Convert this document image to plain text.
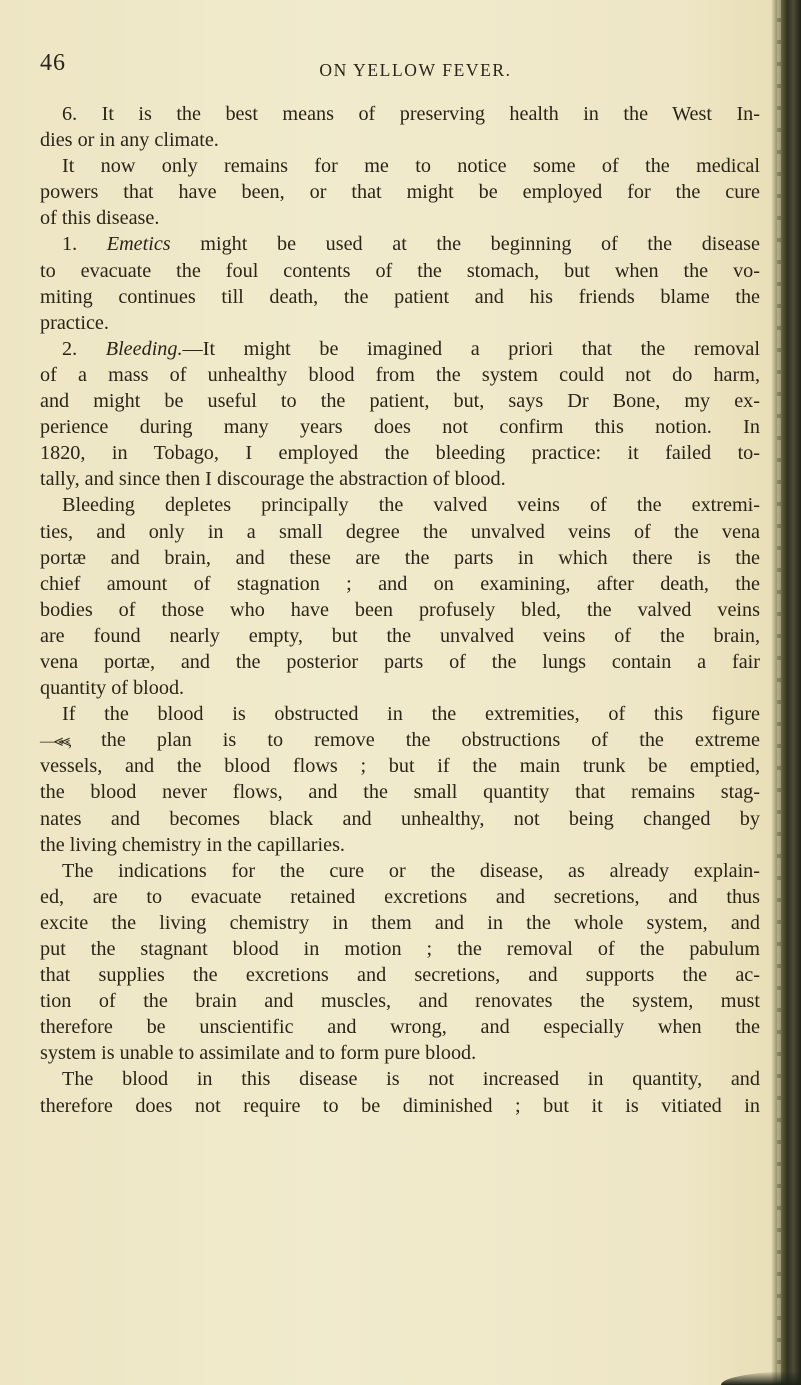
46	ON YELLOW FEVER.
6. It is the best means of preserving health in the West In-
dies or in any climate.
It now only remains for me to notice some of the medical
powers that have been, or that might be employed for the cure
of this disease.
1. Emetics might be used at the beginning of the disease
to evacuate the foul contents of the stomach, but when the vo-
miting continues till death, the patient and his friends blame the
practice.
2. Bleeding.—It might be imagined a priori that the removal
of a mass of unhealthy blood from the system could not do harm,
and might be useful to the patient, but, says Dr Bone, my ex-
perience during many years does not confirm this notion. In
1820, in Tobago, I employed the bleeding practice: it failed to-
tally, and since then I discourage the abstraction of blood.
Bleeding depletes principally the valved veins of the extremi-
ties, and only in a small degree the unvalved veins of the vena
portæ and brain, and these are the parts in which there is the
chief amount of stagnation ; and on examining, after death, the
bodies of those who have been profusely bled, the valved veins
are found nearly empty, but the unvalved veins of the brain,
vena portæ, and the posterior parts of the lungs contain a fair
quantity of blood.
If the blood is obstructed in the extremities, of this figure
—⪡⪡, the plan is to remove the obstructions of the extreme
vessels, and the blood flows ; but if the main trunk be emptied,
the blood never flows, and the small quantity that remains stag-
nates and becomes black and unhealthy, not being changed by
the living chemistry in the capillaries.
The indications for the cure or the disease, as already explain-
ed, are to evacuate retained excretions and secretions, and thus
excite the living chemistry in them and in the whole system, and
put the stagnant blood in motion ; the removal of the pabulum
that supplies the excretions and secretions, and supports the ac-
tion of the brain and muscles, and renovates the system, must
therefore be unscientific and wrong, and especially when the
system is unable to assimilate and to form pure blood.
The blood in this disease is not increased in quantity, and
therefore does not require to be diminished ; but it is vitiated in
